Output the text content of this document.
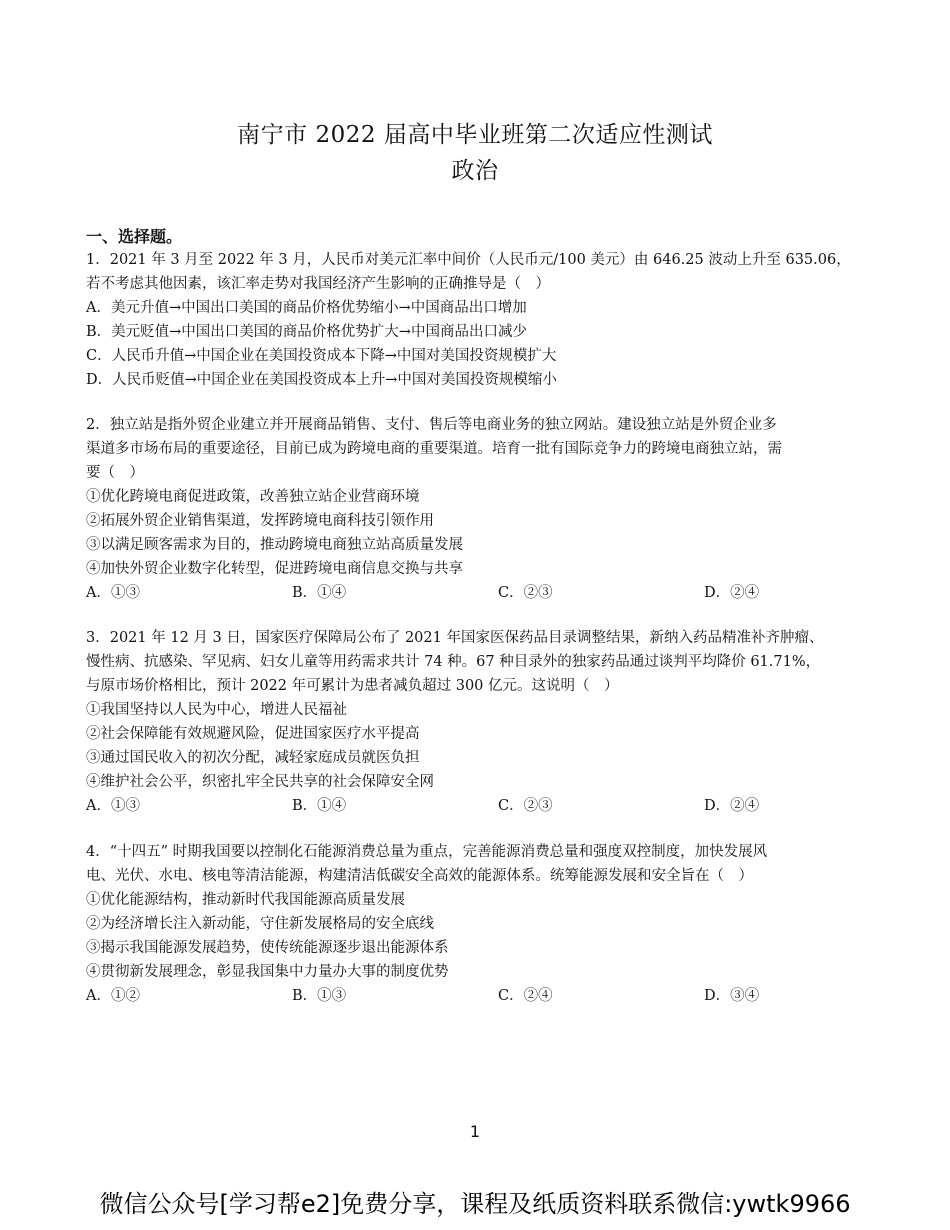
南宁市 2022 届高中毕业班第二次适应性测试
政治
一、选择题。

1．2021 年 3 月至 2022 年 3 月，人民币对美元汇率中间价（人民币元/100 美元）由 646.25 波动上升至 635.06，

若不考虑其他因素，该汇率走势对我国经济产生影响的正确推导是（　）

A．美元升值→中国出口美国的商品价格优势缩小→中国商品出口增加

B．美元贬值→中国出口美国的商品价格优势扩大→中国商品出口减少

C．人民币升值→中国企业在美国投资成本下降→中国对美国投资规模扩大

D．人民币贬值→中国企业在美国投资成本上升→中国对美国投资规模缩小

2．独立站是指外贸企业建立并开展商品销售、支付、售后等电商业务的独立网站。建设独立站是外贸企业多

渠道多市场布局的重要途径，目前已成为跨境电商的重要渠道。培育一批有国际竞争力的跨境电商独立站，需

要（　）

①优化跨境电商促进政策，改善独立站企业营商环境

②拓展外贸企业销售渠道，发挥跨境电商科技引领作用

③以满足顾客需求为目的，推动跨境电商独立站高质量发展

④加快外贸企业数字化转型，促进跨境电商信息交换与共享

A．①③	B．①④	C．②③	D．②④

3．2021 年 12 月 3 日，国家医疗保障局公布了 2021 年国家医保药品目录调整结果，新纳入药品精准补齐肿瘤、

慢性病、抗感染、罕见病、妇女儿童等用药需求共计 74 种。67 种目录外的独家药品通过谈判平均降价 61.71%，

与原市场价格相比，预计 2022 年可累计为患者减负超过 300 亿元。这说明（　）

①我国坚持以人民为中心，增进人民福祉

②社会保障能有效规避风险，促进国家医疗水平提高

③通过国民收入的初次分配，减轻家庭成员就医负担

④维护社会公平，织密扎牢全民共享的社会保障安全网

A．①③	B．①④	C．②③	D．②④

4．“十四五” 时期我国要以控制化石能源消费总量为重点，完善能源消费总量和强度双控制度，加快发展风

电、光伏、水电、核电等清洁能源，构建清洁低碳安全高效的能源体系。统筹能源发展和安全旨在（　）

①优化能源结构，推动新时代我国能源高质量发展

②为经济增长注入新动能，守住新发展格局的安全底线

③揭示我国能源发展趋势，使传统能源逐步退出能源体系

④贯彻新发展理念，彰显我国集中力量办大事的制度优势

A．①②	B．①③	C．②④	D．③④
1
微信公众号[学习帮e2]免费分享，课程及纸质资料联系微信:ywtk9966
